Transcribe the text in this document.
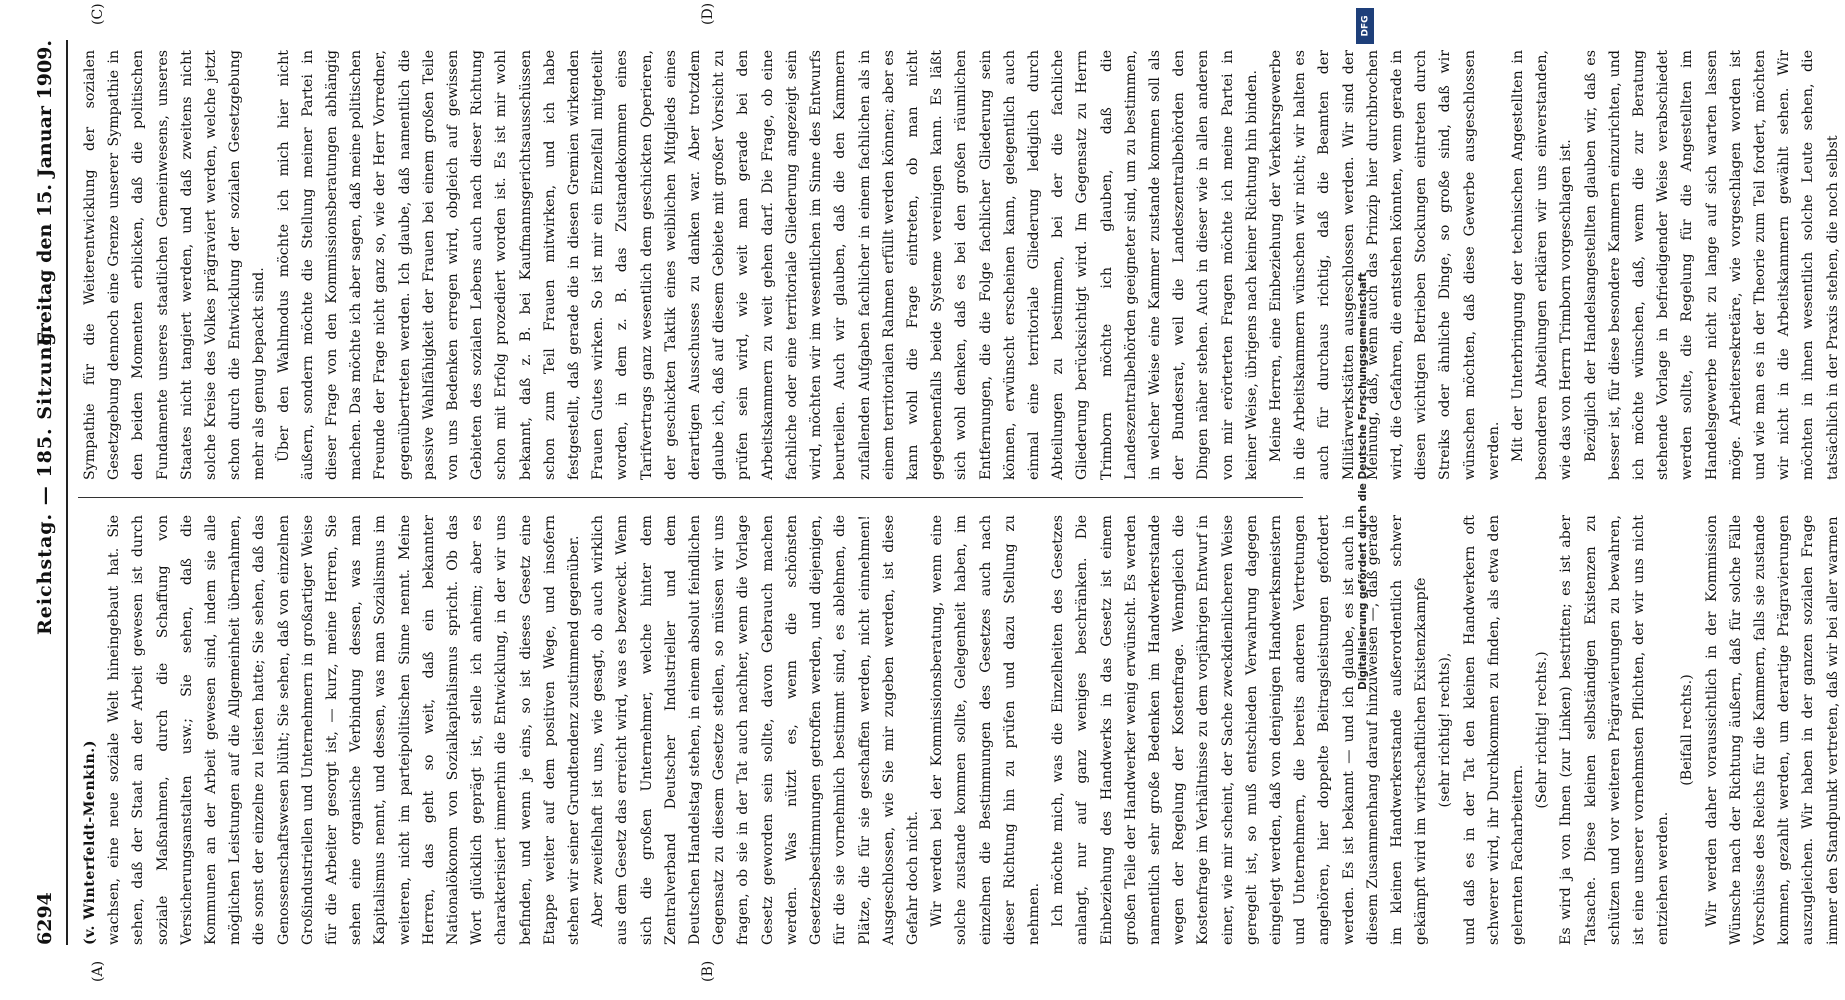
6294
Reichstag. — 185. Sitzung.
Freitag den 15. Januar 1909.
(A)	(B)
(C)	(D)

(v. Winterfeldt-Menkin.) wachsen, eine neue soziale Welt hineingebaut hat. Sie sehen, daß der Staat an der Arbeit gewesen ist durch soziale Maßnahmen, durch die Schaffung von Versicherungsanstalten usw.; Sie sehen, daß die Kommunen an der Arbeit gewesen sind, indem sie alle möglichen Leistungen auf die Allgemeinheit übernahmen, die sonst der einzelne zu leisten hatte; Sie sehen, daß das Genossenschaftswesen blüht; Sie sehen, daß von einzelnen Großindustriellen und Unternehmern in großartiger Weise für die Arbeiter gesorgt ist, — kurz, meine Herren, Sie sehen eine organische Verbindung dessen, was man Kapitalismus nennt, und dessen, was man Sozialismus im weiteren, nicht im parteipolitischen Sinne nennt. Meine Herren, das geht so weit, daß ein bekannter Nationalökonom von Sozialkapitalismus spricht. Ob das Wort glücklich geprägt ist, stelle ich anheim; aber es charakterisiert immerhin die Entwicklung, in der wir uns befinden, und wenn je eins, so ist dieses Gesetz eine Etappe weiter auf dem positiven Wege, und insofern stehen wir seiner Grundtendenz zustimmend gegenüber. Aber zweifelhaft ist uns, wie gesagt, ob auch wirklich aus dem Gesetz das erreicht wird, was es bezweckt. Wenn sich die großen Unternehmer, welche hinter dem Zentralverband Deutscher Industrieller und dem Deutschen Handelstag stehen, in einem absolut feindlichen Gegensatz zu diesem Gesetze stellen, so müssen wir uns fragen, ob sie in der Tat auch nachher, wenn die Vorlage Gesetz geworden sein sollte, davon Gebrauch machen werden. Was nützt es, wenn die schönsten Gesetzesbestimmungen getroffen werden, und diejenigen, für die sie vornehmlich bestimmt sind, es ablehnen, die Plätze, die für sie geschaffen werden, nicht einnehmen! Ausgeschlossen, wie Sie mir zugeben werden, ist diese Gefahr doch nicht. Wir werden bei der Kommissionsberatung, wenn eine solche zustande kommen sollte, Gelegenheit haben, im einzelnen die Bestimmungen des Gesetzes auch nach dieser Richtung hin zu prüfen und dazu Stellung zu nehmen. Ich möchte mich, was die Einzelheiten des Gesetzes anlangt, nur auf ganz weniges beschränken. Die Einbeziehung des Handwerks in das Gesetz ist einem großen Teile der Handwerker wenig erwünscht. Es werden namentlich sehr große Bedenken im Handwerkerstande wegen der Regelung der Kostenfrage. Wenngleich die Kostenfrage im Verhältnisse zu dem vorjährigen Entwurf in einer, wie mir scheint, der Sache zweckdienlicheren Weise geregelt ist, so muß entschieden Verwahrung dagegen eingelegt werden, daß von denjenigen Handwerksmeistern und Unternehmern, die bereits anderen Vertretungen angehören, hier doppelte Beitragsleistungen gefordert werden. Es ist bekannt — und ich glaube, es ist auch in diesem Zusammenhang darauf hinzuweisen —, daß gerade im kleinen Handwerkerstande außerordentlich schwer gekämpft wird im wirtschaftlichen Existenzkampfe (sehr richtig! rechts), und daß es in der Tat den kleinen Handwerkern oft schwerer wird, ihr Durchkommen zu finden, als etwa den gelernten Facharbeitern.

(Sehr richtig! rechts.) Es wird ja von Ihnen (zur Linken) bestritten; es ist aber Tatsache. Diese kleinen selbständigen Existenzen zu schützen und vor weiteren Prägravierungen zu bewahren, ist eine unserer vornehmsten Pflichten, der wir uns nicht entziehen werden.

(Beifall rechts.) Wir werden daher voraussichtlich in der Kommission Wünsche nach der Richtung äußern, daß für solche Fälle Vorschüsse des Reichs für die Kammern, falls sie zustande kommen, gezahlt werden, um derartige Prägravierungen auszugleichen. Wir haben in der ganzen sozialen Frage immer den Standpunkt vertreten, daß wir bei aller warmen

Sympathie für die Weiterentwicklung der sozialen Gesetzgebung dennoch eine Grenze unserer Sympathie in den beiden Momenten erblicken, daß die politischen Fundamente unseres staatlichen Gemeinwesens, unseres Staates nicht tangiert werden, und daß zweitens nicht solche Kreise des Volkes prägraviert werden, welche jetzt schon durch die Entwicklung der sozialen Gesetzgebung mehr als genug bepackt sind. Über den Wahlmodus möchte ich mich hier nicht äußern, sondern möchte die Stellung meiner Partei in dieser Frage von den Kommissionsberatungen abhängig machen. Das möchte ich aber sagen, daß meine politischen Freunde der Frage nicht ganz so, wie der Herr Vorredner, gegenübertreten werden. Ich glaube, daß namentlich die passive Wahlfähigkeit der Frauen bei einem großen Teile von uns Bedenken erregen wird, obgleich auf gewissen Gebieten des sozialen Lebens auch nach dieser Richtung schon mit Erfolg prozediert worden ist. Es ist mir wohl bekannt, daß z. B. bei Kaufmannsgerichtsausschüssen schon zum Teil Frauen mitwirken, und ich habe festgestellt, daß gerade die in diesen Gremien wirkenden Frauen Gutes wirken. So ist mir ein Einzelfall mitgeteilt worden, in dem z. B. das Zustandekommen eines Tarifvertrags ganz wesentlich dem geschickten Operieren, der geschickten Taktik eines weiblichen Mitglieds eines derartigen Ausschusses zu danken war. Aber trotzdem glaube ich, daß auf diesem Gebiete mit großer Vorsicht zu prüfen sein wird, wie weit man gerade bei den Arbeitskammern zu weit gehen darf. Die Frage, ob eine fachliche oder eine territoriale Gliederung angezeigt sein wird, möchten wir im wesentlichen im Sinne des Entwurfs beurteilen. Auch wir glauben, daß die den Kammern zufallenden Aufgaben fachlicher in einem fachlichen als in einem territorialen Rahmen erfüllt werden können; aber es kann wohl die Frage eintreten, ob man nicht gegebenenfalls beide Systeme vereinigen kann. Es läßt sich wohl denken, daß es bei den großen räumlichen Entfernungen, die die Folge fachlicher Gliederung sein können, erwünscht erscheinen kann, gelegentlich auch einmal eine territoriale Gliederung lediglich durch Abteilungen zu bestimmen, bei der die fachliche Gliederung berücksichtigt wird. Im Gegensatz zu Herrn Trimborn möchte ich glauben, daß die Landeszentralbehörden geeigneter sind, um zu bestimmen, in welcher Weise eine Kammer zustande kommen soll als der Bundesrat, weil die Landeszentralbehörden den Dingen näher stehen. Auch in dieser wie in allen anderen von mir erörterten Fragen möchte ich meine Partei in keiner Weise, übrigens nach keiner Richtung hin binden. Meine Herren, eine Einbeziehung der Verkehrsgewerbe in die Arbeitskammern wünschen wir nicht; wir halten es auch für durchaus richtig, daß die Beamten der Militärwerkstätten ausgeschlossen werden. Wir sind der Meinung, daß, wenn auch das Prinzip hier durchbrochen wird, die Gefahren, die entstehen könnten, wenn gerade in diesen wichtigen Betrieben Stockungen eintreten durch Streiks oder ähnliche Dinge, so große sind, daß wir wünschen möchten, daß diese Gewerbe ausgeschlossen werden. Mit der Unterbringung der technischen Angestellten in besonderen Abteilungen erklären wir uns einverstanden, wie das von Herrn Trimborn vorgeschlagen ist. Bezüglich der Handelsangestellten glauben wir, daß es besser ist, für diese besondere Kammern einzurichten, und ich möchte wünschen, daß, wenn die zur Beratung stehende Vorlage in befriedigender Weise verabschiedet werden sollte, die Regelung für die Angestellten im Handelsgewerbe nicht zu lange auf sich warten lassen möge. Arbeitersekretäre, wie vorgeschlagen worden ist und wie man es in der Theorie zum Teil fordert, möchten wir nicht in die Arbeitskammern gewählt sehen. Wir möchten in ihnen wesentlich solche Leute sehen, die tatsächlich in der Praxis stehen, die noch selbst

DFG
Digitalisierung gefördert durch die Deutsche Forschungsgemeinschaft
